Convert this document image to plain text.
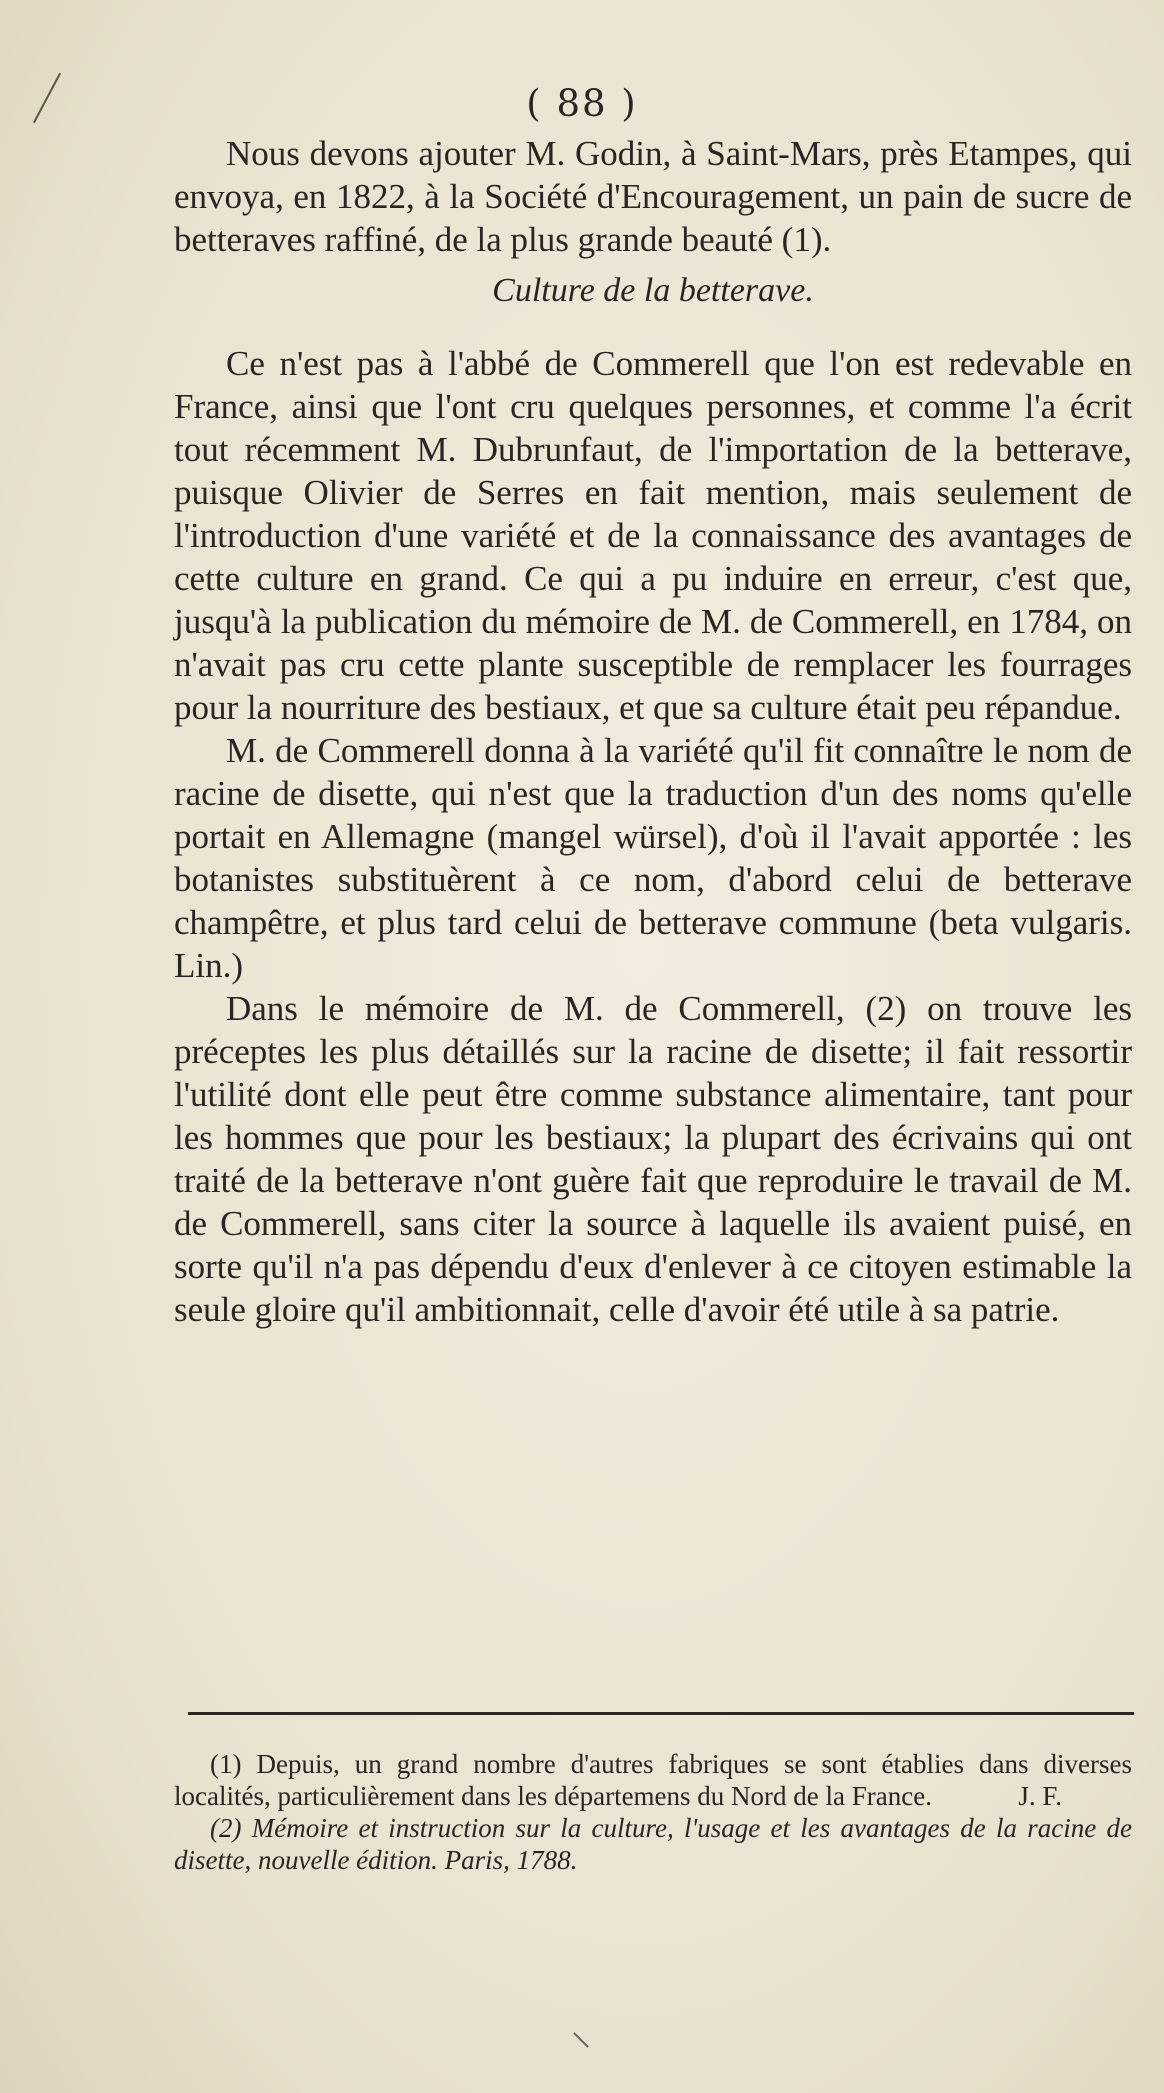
( 88 )

Nous devons ajouter M. Godin, à Saint-Mars, près Etampes, qui envoya, en 1822, à la Société d'Encouragement, un pain de sucre de betteraves raffiné, de la plus grande beauté (1).

Culture de la betterave.

Ce n'est pas à l'abbé de Commerell que l'on est redevable en France, ainsi que l'ont cru quelques personnes, et comme l'a écrit tout récemment M. Dubrunfaut, de l'importation de la betterave, puisque Olivier de Serres en fait mention, mais seulement de l'introduction d'une variété et de la connaissance des avantages de cette culture en grand. Ce qui a pu induire en erreur, c'est que, jusqu'à la publication du mémoire de M. de Commerell, en 1784, on n'avait pas cru cette plante susceptible de remplacer les fourrages pour la nourriture des bestiaux, et que sa culture était peu répandue.

M. de Commerell donna à la variété qu'il fit connaître le nom de racine de disette, qui n'est que la traduction d'un des noms qu'elle portait en Allemagne (mangel würsel), d'où il l'avait apportée : les botanistes substituèrent à ce nom, d'abord celui de betterave champêtre, et plus tard celui de betterave commune (beta vulgaris. Lin.)

Dans le mémoire de M. de Commerell, (2) on trouve les préceptes les plus détaillés sur la racine de disette; il fait ressortir l'utilité dont elle peut être comme substance alimentaire, tant pour les hommes que pour les bestiaux; la plupart des écrivains qui ont traité de la betterave n'ont guère fait que reproduire le travail de M. de Commerell, sans citer la source à laquelle ils avaient puisé, en sorte qu'il n'a pas dépendu d'eux d'enlever à ce citoyen estimable la seule gloire qu'il ambitionnait, celle d'avoir été utile à sa patrie.

(1) Depuis, un grand nombre d'autres fabriques se sont établies dans diverses localités, particulièrement dans les départemens du Nord de la France.	J. F.

(2) Mémoire et instruction sur la culture, l'usage et les avantages de la racine de disette, nouvelle édition. Paris, 1788.
